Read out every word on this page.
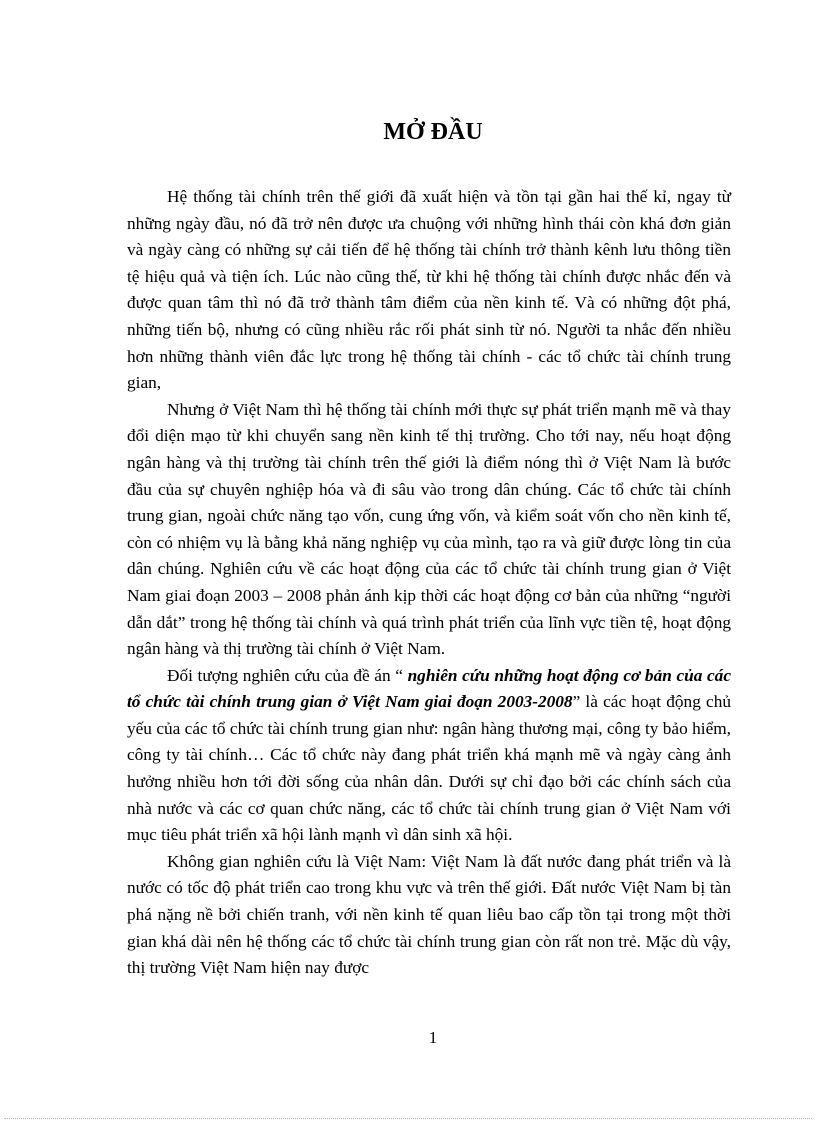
MỞ ĐẦU

Hệ thống tài chính trên thế giới đã xuất hiện và tồn tại gần hai thế kỉ, ngay từ những ngày đầu, nó đã trở nên được ưa chuộng với những hình thái còn khá đơn giản và ngày càng có những sự cải tiến để hệ thống tài chính trở thành kênh lưu thông tiền tệ hiệu quả và tiện ích. Lúc nào cũng thế, từ khi hệ thống tài chính được nhắc đến và được quan tâm thì nó đã trở thành tâm điểm của nền kinh tế. Và có những đột phá, những tiến bộ, nhưng có cũng nhiều rắc rối phát sinh từ nó. Người ta nhắc đến nhiều hơn những thành viên đắc lực trong hệ thống tài chính - các tổ chức tài chính trung gian,

Nhưng ở Việt Nam thì hệ thống tài chính mới thực sự phát triển mạnh mẽ và thay đổi diện mạo từ khi chuyển sang nền kinh tế thị trường. Cho tới nay, nếu hoạt động ngân hàng và thị trường tài chính trên thế giới là điểm nóng thì ở Việt Nam là bước đầu của sự chuyên nghiệp hóa và đi sâu vào trong dân chúng. Các tổ chức tài chính trung gian, ngoài chức năng tạo vốn, cung ứng vốn, và kiểm soát vốn cho nền kinh tế, còn có nhiệm vụ là bằng khả năng nghiệp vụ của mình, tạo ra và giữ được lòng tin của dân chúng. Nghiên cứu về các hoạt động của các tổ chức tài chính trung gian ở Việt Nam giai đoạn 2003 – 2008 phản ánh kịp thời các hoạt động cơ bản của những “người dẫn dắt” trong hệ thống tài chính và quá trình phát triển của lĩnh vực tiền tệ, hoạt động ngân hàng và thị trường tài chính ở Việt Nam.

Đối tượng nghiên cứu của đề án “ nghiên cứu những hoạt động cơ bản của các tổ chức tài chính trung gian ở Việt Nam giai đoạn 2003-2008” là các hoạt động chủ yếu của các tổ chức tài chính trung gian như: ngân hàng thương mại, công ty bảo hiểm, công ty tài chính… Các tổ chức này đang phát triển khá mạnh mẽ và ngày càng ảnh hưởng nhiều hơn tới đời sống của nhân dân. Dưới sự chỉ đạo bởi các chính sách của nhà nước và các cơ quan chức năng, các tổ chức tài chính trung gian ở Việt Nam với mục tiêu phát triển xã hội lành mạnh vì dân sinh xã hội.

Không gian nghiên cứu là Việt Nam: Việt Nam là đất nước đang phát triển và là nước có tốc độ phát triển cao trong khu vực và trên thế giới. Đất nước Việt Nam bị tàn phá nặng nề bởi chiến tranh, với nền kinh tế quan liêu bao cấp tồn tại trong một thời gian khá dài nên hệ thống các tổ chức tài chính trung gian còn rất non trẻ. Mặc dù vậy, thị trường Việt Nam hiện nay được

1
